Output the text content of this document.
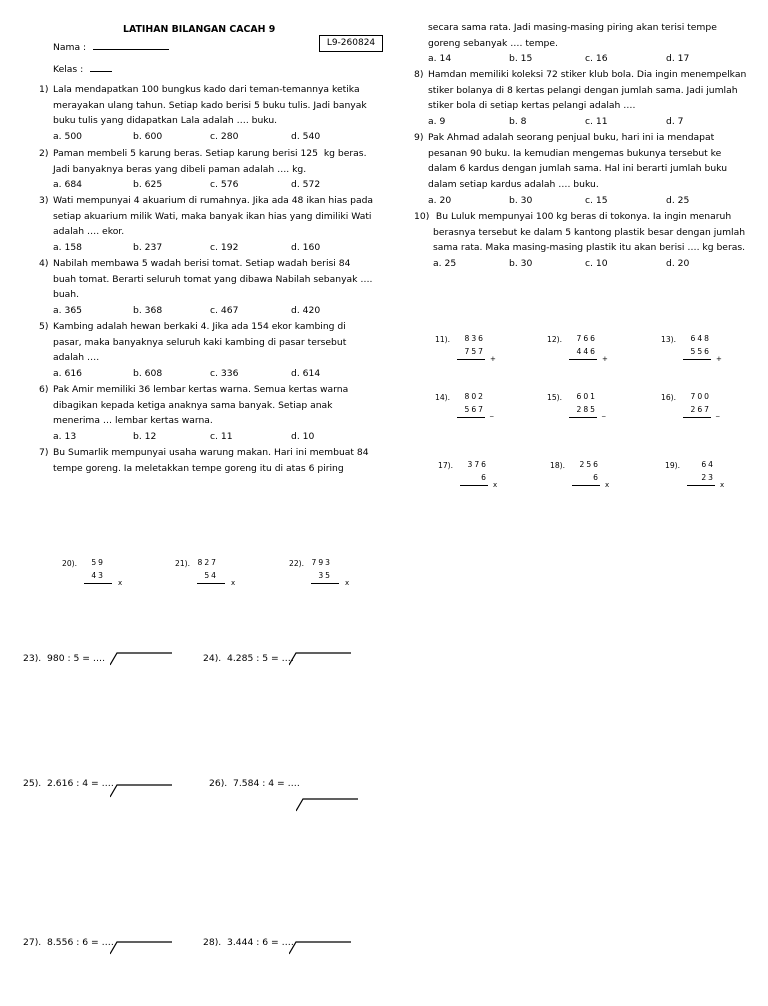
LATIHAN BILANGAN CACAH 9
L9-260824
Nama :
Kelas :
1) Lala mendapatkan 100 bungkus kado dari teman-temannya ketika
merayakan ulang tahun. Setiap kado berisi 5 buku tulis. Jadi banyak
buku tulis yang didapatkan Lala adalah …. buku.
a. 500	b. 600	c. 280	d. 540
2) Paman membeli 5 karung beras. Setiap karung berisi 125  kg beras.
Jadi banyaknya beras yang dibeli paman adalah …. kg.
a. 684	b. 625	c. 576	d. 572
3) Wati mempunyai 4 akuarium di rumahnya. Jika ada 48 ikan hias pada
setiap akuarium milik Wati, maka banyak ikan hias yang dimiliki Wati
adalah …. ekor.
a. 158	b. 237	c. 192	d. 160
4) Nabilah membawa 5 wadah berisi tomat. Setiap wadah berisi 84
buah tomat. Berarti seluruh tomat yang dibawa Nabilah sebanyak ….
buah.
a. 365	b. 368	c. 467	d. 420
5) Kambing adalah hewan berkaki 4. Jika ada 154 ekor kambing di
pasar, maka banyaknya seluruh kaki kambing di pasar tersebut
adalah ….
a. 616	b. 608	c. 336	d. 614
6) Pak Amir memiliki 36 lembar kertas warna. Semua kertas warna
dibagikan kepada ketiga anaknya sama banyak. Setiap anak
menerima … lembar kertas warna.
a. 13	b. 12	c. 11	d. 10
7) Bu Sumarlik mempunyai usaha warung makan. Hari ini membuat 84
tempe goreng. Ia meletakkan tempe goreng itu di atas 6 piring
secara sama rata. Jadi masing-masing piring akan terisi tempe
goreng sebanyak …. tempe.
a. 14	b. 15	c. 16	d. 17
8) Hamdan memiliki koleksi 72 stiker klub bola. Dia ingin menempelkan
stiker bolanya di 8 kertas pelangi dengan jumlah sama. Jadi jumlah
stiker bola di setiap kertas pelangi adalah ….
a. 9	b. 8	c. 11	d. 7
9) Pak Ahmad adalah seorang penjual buku, hari ini ia mendapat
pesanan 90 buku. Ia kemudian mengemas bukunya tersebut ke
dalam 6 kardus dengan jumlah sama. Hal ini berarti jumlah buku
dalam setiap kardus adalah …. buku.
a. 20	b. 30	c. 15	d. 25
10) Bu Luluk mempunyai 100 kg beras di tokonya. Ia ingin menaruh
berasnya tersebut ke dalam 5 kantong plastik besar dengan jumlah
sama rata. Maka masing-masing plastik itu akan berisi …. kg beras.
a. 25	b. 30	c. 10	d. 20
11). 836
757
+
12). 766
446
+
13). 648
556
+
14). 802
567 _
15). 601
285 _
16). 700
267 _
17). 376
6
x
18). 256
6
x
19).	64
23
x
20). 59
43
x
21). 827
54
x
22). 793
35
x
23).  980 : 5 = ….	24).  4.285 : 5 = ….
25).  2.616 : 4 = ….	26).  7.584 : 4 = ….
27).  8.556 : 6 = ….	28).  3.444 : 6 = ….
